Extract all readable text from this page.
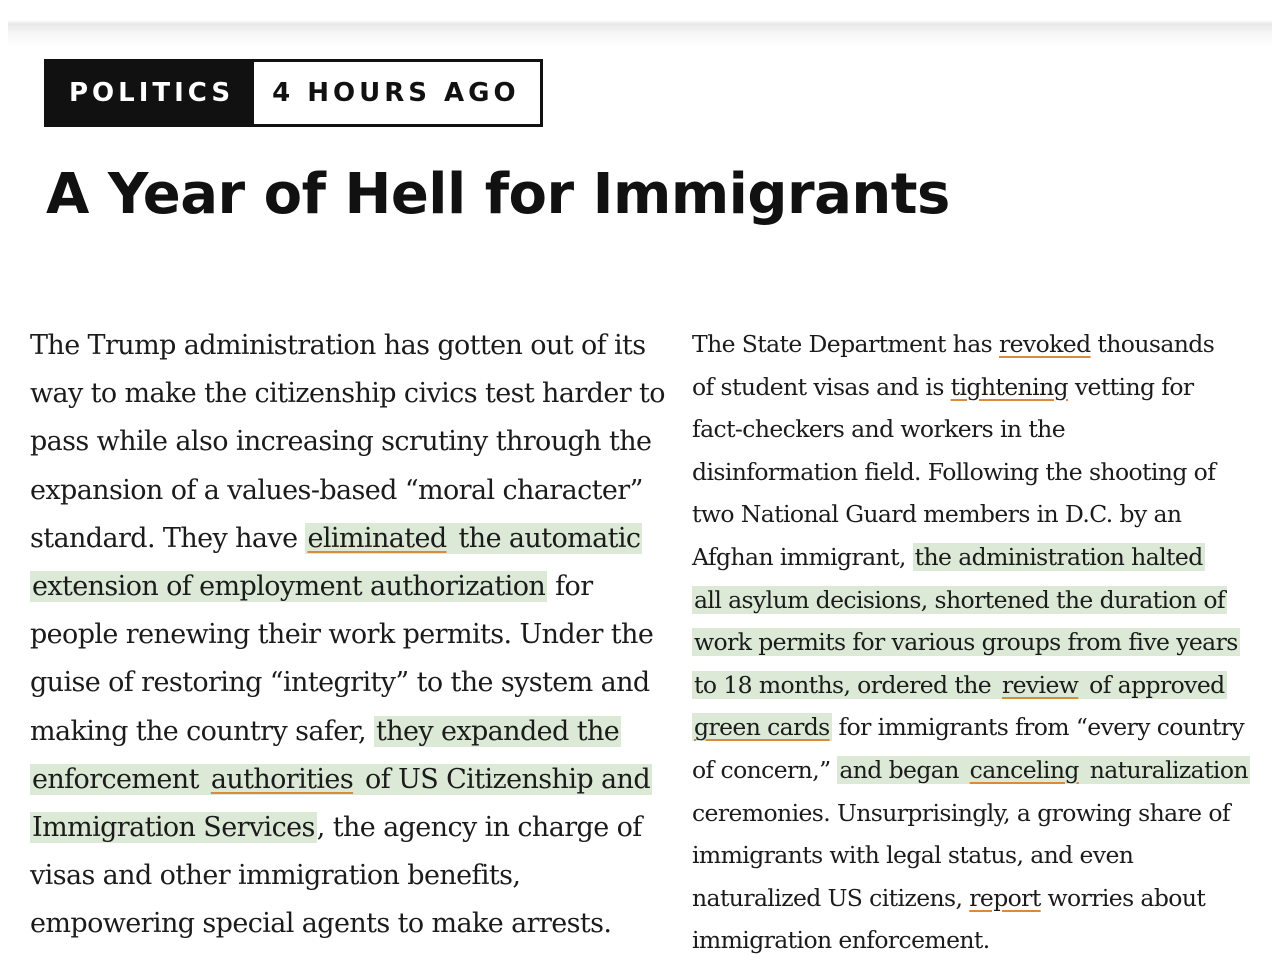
POLITICS	4 HOURS AGO
A Year of Hell for Immigrants

The Trump administration has gotten out of its
way to make the citizenship civics test harder to
pass while also increasing scrutiny through the
expansion of a values-based “moral character”
standard. They have eliminated the automatic
extension of employment authorization for
people renewing their work permits. Under the
guise of restoring “integrity” to the system and
making the country safer, they expanded the
enforcement authorities of US Citizenship and
Immigration Services, the agency in charge of
visas and other immigration benefits,
empowering special agents to make arrests.

The State Department has revoked thousands
of student visas and is tightening vetting for
fact-checkers and workers in the
disinformation field. Following the shooting of
two National Guard members in D.C. by an
Afghan immigrant, the administration halted
all asylum decisions, shortened the duration of
work permits for various groups from five years
to 18 months, ordered the review of approved
green cards for immigrants from “every country
of concern,” and began canceling naturalization
ceremonies. Unsurprisingly, a growing share of
immigrants with legal status, and even
naturalized US citizens, report worries about
immigration enforcement.
